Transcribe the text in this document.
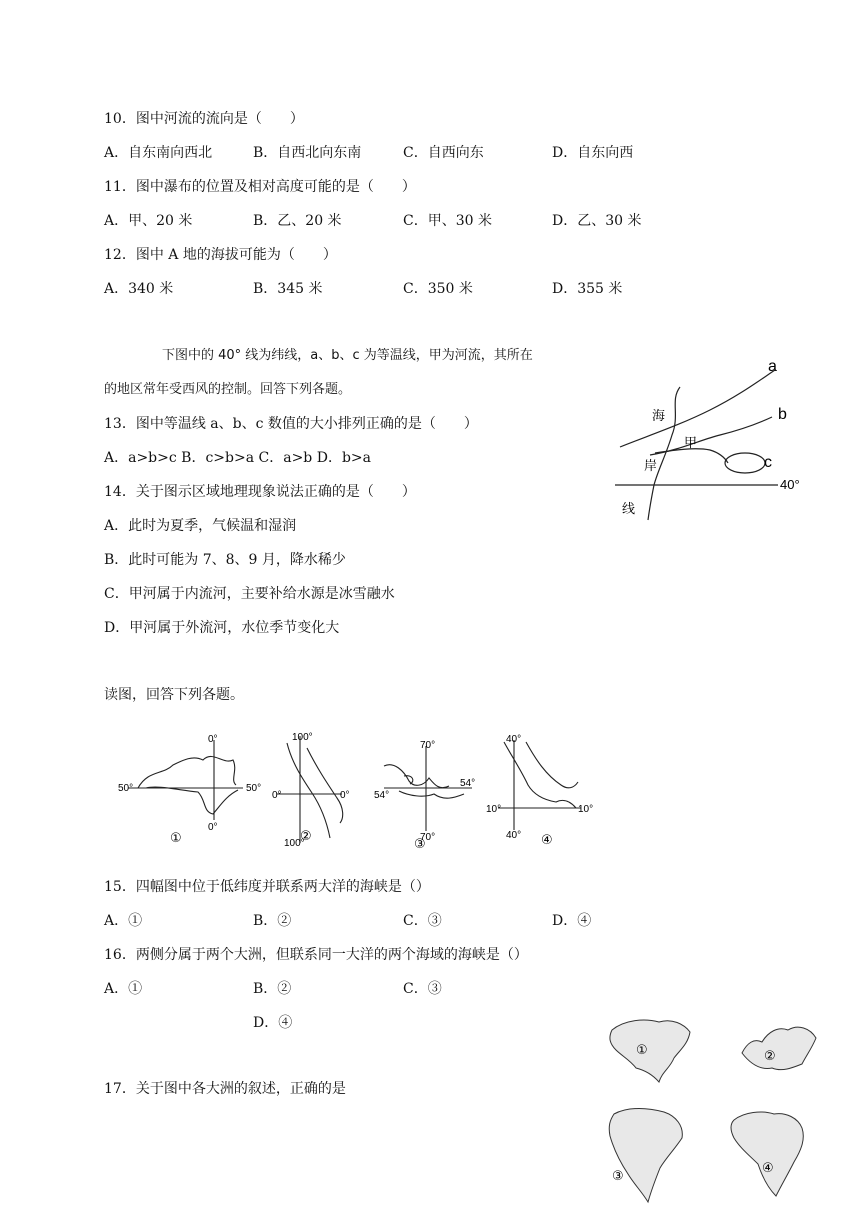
10．图中河流的流向是（　　）
A．自东南向西北	B．自西北向东南	C．自西向东	D．自东向西
11．图中瀑布的位置及相对高度可能的是（　　）
A．甲、20 米	B．乙、20 米	C．甲、30 米	D．乙、30 米
12．图中 A 地的海拔可能为（　　）
A．340 米	B．345 米	C．350 米	D．355 米
下图中的 40° 线为纬线，a、b、c 为等温线，甲为河流，其所在
的地区常年受西风的控制。回答下列各题。
13．图中等温线 a、b、c 数值的大小排列正确的是（　　）
A．a>b>c B．c>b>a C．a>b D．b>a
14．关于图示区域地理现象说法正确的是（　　）
A．此时为夏季，气候温和湿润
B．此时可能为 7、8、9 月，降水稀少
C．甲河属于内流河，主要补给水源是冰雪融水
D．甲河属于外流河，水位季节变化大
a
b
c
40°
海
岸
线
甲
读图，回答下列各题。
0°
0°
50°	50°
①
100°
100°
0°	0°
②
70°
70°
54°
54°
③
40°
40°
10°	10°
④
15．四幅图中位于低纬度并联系两大洋的海峡是（）
A．①	B．②	C．③	D．④
16．两侧分属于两个大洲，但联系同一大洋的两个海域的海峡是（）
A．①	B．②	C．③
D．④
17．关于图中各大洲的叙述，正确的是
①	②
③
④
